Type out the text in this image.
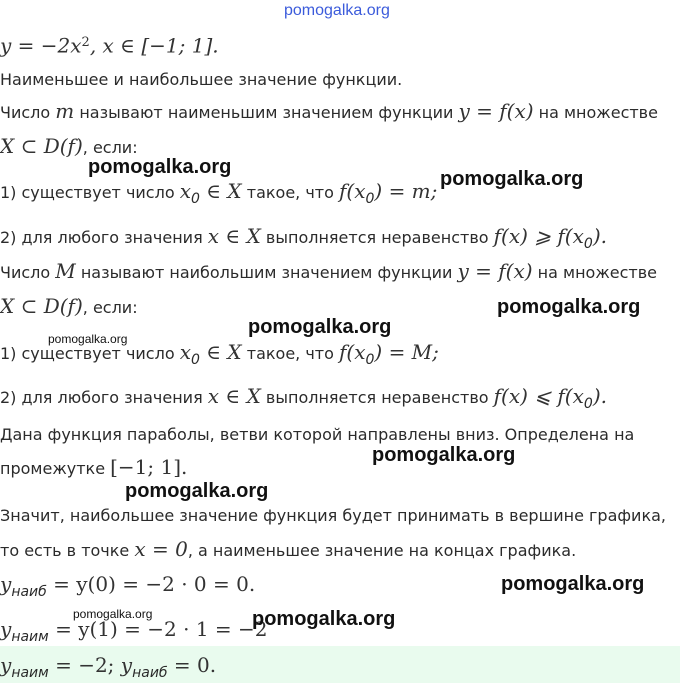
pomogalka.org
$y = -2x^2$, x ∈ [−1; 1].
Наименьшее и наибольшее значение функции.
Число m называют наименьшим значением функции y = f(x) на множестве
X ⊂ D(f), если:
1) существует число x0 ∈ X такое, что f(x0) = m;
2) для любого значения x ∈ X выполняется неравенство f(x) ⩾ f(x0).
Число M называют наибольшим значением функции y = f(x) на множестве
X ⊂ D(f), если:
1) существует число x0 ∈ X такое, что f(x0) = M;
2) для любого значения x ∈ X выполняется неравенство f(x) ⩽ f(x0).
Дана функция параболы, ветви которой направлены вниз. Определена на
промежутке [−1; 1].
Значит, наибольшее значение функция будет принимать в вершине графика,
то есть в точке x = 0, а наименьшее значение на концах графика.
yнаиб = y(0) = −2 · 0 = 0.
yнаим = y(1) = −2 · 1 = −2
yнаим = −2; yнаиб = 0.
pomogalka.org
pomogalka.org
pomogalka.org
pomogalka.org
pomogalka.org
pomogalka.org
pomogalka.org
pomogalka.org
pomogalka.org	pomogalka.org
